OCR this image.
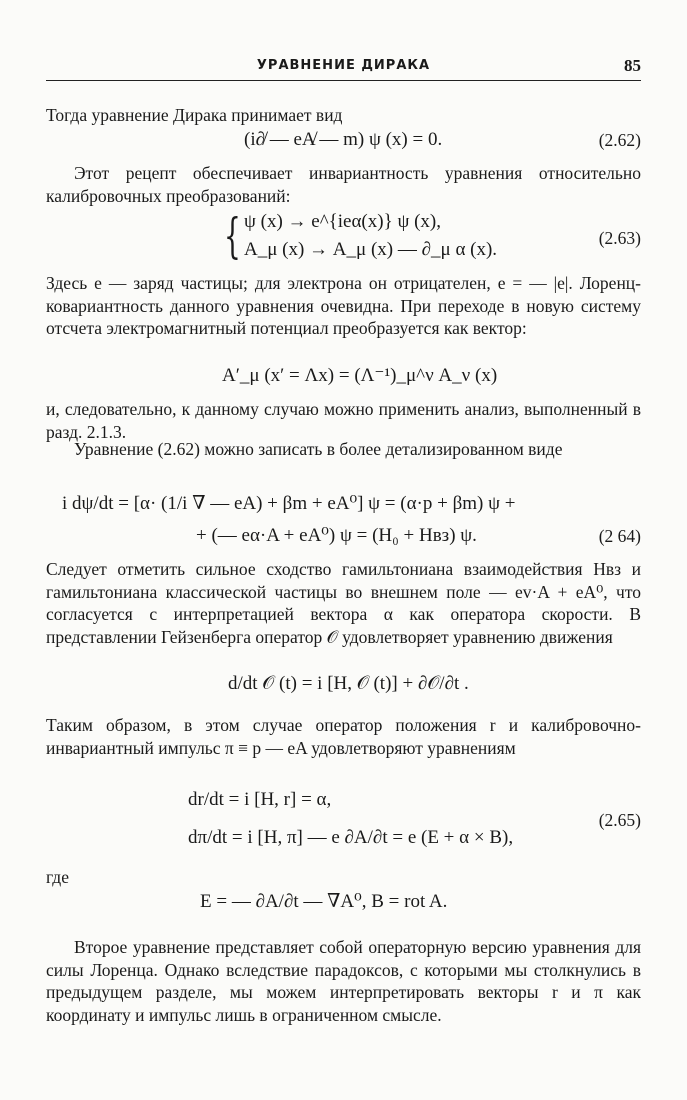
УРАВНЕНИЕ ДИРАКА	85
Тогда уравнение Дирака принимает вид
(i∂̸ — eA̸ — m) ψ (x) = 0.	(2.62)
Этот рецепт обеспечивает инвариантность уравнения относительно калибровочных преобразований:
{ ψ (x) → e^{ieα(x)} ψ (x),
A_μ (x) → A_μ (x) — ∂_μ α (x).
(2.63)
Здесь e — заряд частицы; для электрона он отрицателен, e = — |e|. Лоренц-ковариантность данного уравнения очевидна. При переходе в новую систему отсчета электромагнитный потенциал преобразуется как вектор:
A′_μ (x′ = Λx) = (Λ⁻¹)_μ^ν A_ν (x)
и, следовательно, к данному случаю можно применить анализ, выполненный в разд. 2.1.3.
Уравнение (2.62) можно записать в более детализированном виде
i dψ/dt = [α· (1/i ∇ — eA) + βm + eA⁰] ψ = (α·p + βm) ψ +
+ (— eα·A + eA⁰) ψ = (H₀ + Hвз) ψ.	(2 64)
Следует отметить сильное сходство гамильтониана взаимодействия Hвз и гамильтониана классической частицы во внешнем поле — ev·A + eA⁰, что согласуется с интерпретацией вектора α как оператора скорости. В представлении Гейзенберга оператор 𝒪 удовлетворяет уравнению движения
d/dt 𝒪 (t) = i [H, 𝒪 (t)] + ∂𝒪/∂t .
Таким образом, в этом случае оператор положения r и калибровочно-инвариантный импульс π ≡ p — eA удовлетворяют уравнениям
dr/dt = i [H, r] = α,
dπ/dt = i [H, π] — e ∂A/∂t = e (E + α × B),
(2.65)
где
E = — ∂A/∂t — ∇A⁰, B = rot A.
Второе уравнение представляет собой операторную версию уравнения для силы Лоренца. Однако вследствие парадоксов, с которыми мы столкнулись в предыдущем разделе, мы можем интерпретировать векторы r и π как координату и импульс лишь в ограниченном смысле.
